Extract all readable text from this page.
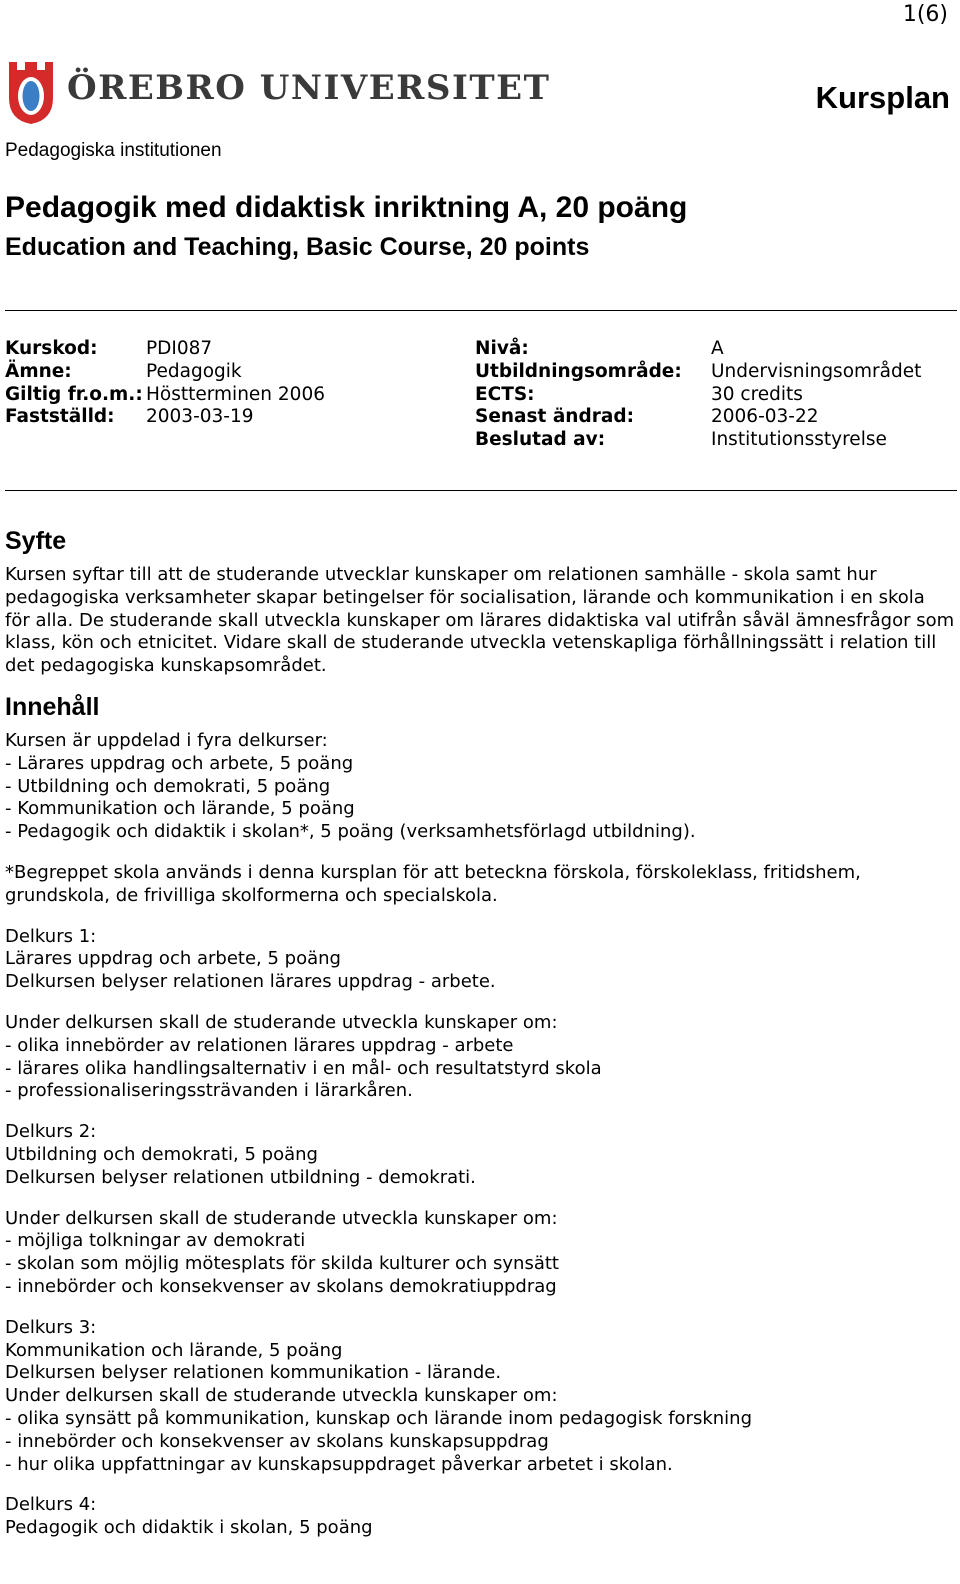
1(6)
ÖREBRO UNIVERSITET	Kursplan
Pedagogiska institutionen
Pedagogik med didaktisk inriktning A, 20 poäng
Education and Teaching, Basic Course, 20 points
Kurskod:
Ämne:
Giltig fr.o.m.:
Fastställd:
PDI087
Pedagogik
Höstterminen 2006
2003-03-19
Nivå:
Utbildningsområde:
ECTS:
Senast ändrad:
Beslutad av:
A
Undervisningsområdet
30 credits
2006-03-22
Institutionsstyrelse
Syfte

Kursen syftar till att de studerande utvecklar kunskaper om relationen samhälle - skola samt hur pedagogiska verksamheter skapar betingelser för socialisation, lärande och kommunikation i en skola för alla. De studerande skall utveckla kunskaper om lärares didaktiska val utifrån såväl ämnesfrågor som klass, kön och etnicitet. Vidare skall de studerande utveckla vetenskapliga förhållningssätt i relation till det pedagogiska kunskapsområdet.

Innehåll

Kursen är uppdelad i fyra delkurser:
- Lärares uppdrag och arbete, 5 poäng
- Utbildning och demokrati, 5 poäng
- Kommunikation och lärande, 5 poäng
- Pedagogik och didaktik i skolan*, 5 poäng (verksamhetsförlagd utbildning).

*Begreppet skola används i denna kursplan för att beteckna förskola, förskoleklass, fritidshem, grundskola, de frivilliga skolformerna och specialskola.

Delkurs 1:
Lärares uppdrag och arbete, 5 poäng
Delkursen belyser relationen lärares uppdrag - arbete.

Under delkursen skall de studerande utveckla kunskaper om:
- olika innebörder av relationen lärares uppdrag - arbete
- lärares olika handlingsalternativ i en mål- och resultatstyrd skola
- professionaliseringssträvanden i lärarkåren.

Delkurs 2:
Utbildning och demokrati, 5 poäng
Delkursen belyser relationen utbildning - demokrati.

Under delkursen skall de studerande utveckla kunskaper om:
- möjliga tolkningar av demokrati
- skolan som möjlig mötesplats för skilda kulturer och synsätt
- innebörder och konsekvenser av skolans demokratiuppdrag

Delkurs 3:
Kommunikation och lärande, 5 poäng
Delkursen belyser relationen kommunikation - lärande.
Under delkursen skall de studerande utveckla kunskaper om:
- olika synsätt på kommunikation, kunskap och lärande inom pedagogisk forskning
- innebörder och konsekvenser av skolans kunskapsuppdrag
- hur olika uppfattningar av kunskapsuppdraget påverkar arbetet i skolan.

Delkurs 4:
Pedagogik och didaktik i skolan, 5 poäng
